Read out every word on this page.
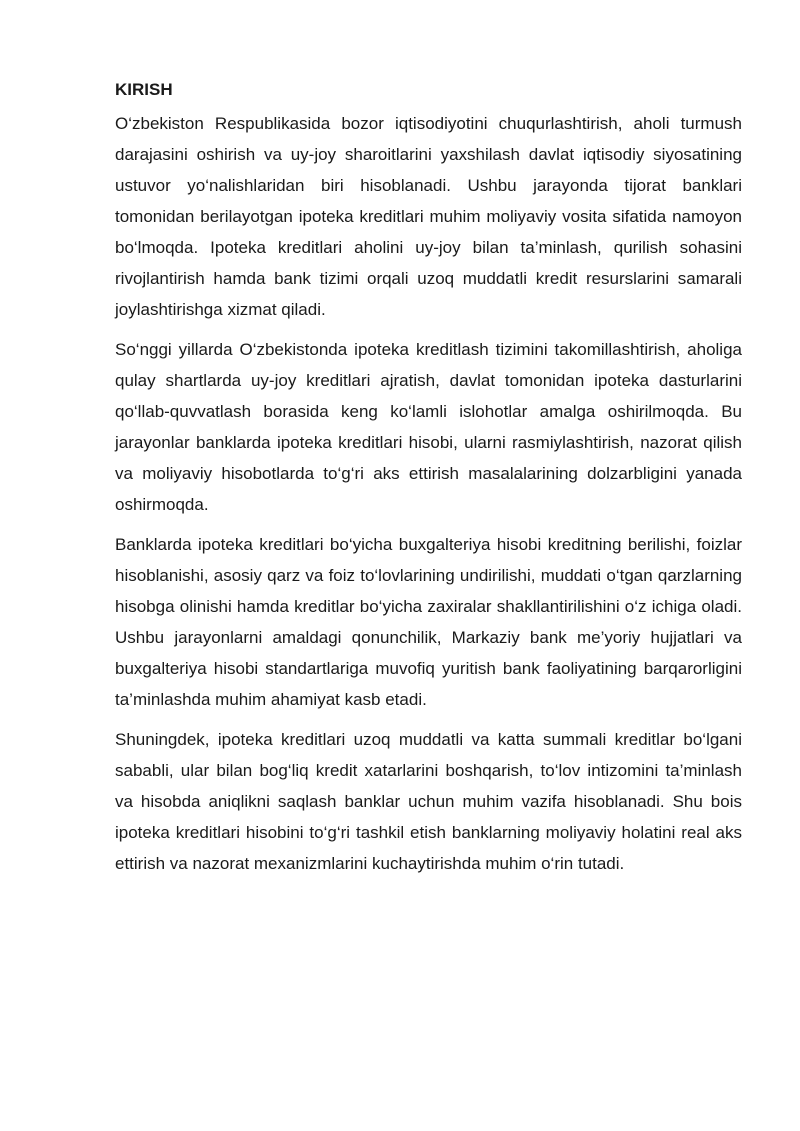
KIRISH

O‘zbekiston Respublikasida bozor iqtisodiyotini chuqurlashtirish, aholi turmush darajasini oshirish va uy-joy sharoitlarini yaxshilash davlat iqtisodiy siyosatining ustuvor yo‘nalishlaridan biri hisoblanadi. Ushbu jarayonda tijorat banklari tomonidan berilayotgan ipoteka kreditlari muhim moliyaviy vosita sifatida namoyon bo‘lmoqda. Ipoteka kreditlari aholini uy-joy bilan ta’minlash, qurilish sohasini rivojlantirish hamda bank tizimi orqali uzoq muddatli kredit resurslarini samarali joylashtirishga xizmat qiladi.

So‘nggi yillarda O‘zbekistonda ipoteka kreditlash tizimini takomillashtirish, aholiga qulay shartlarda uy-joy kreditlari ajratish, davlat tomonidan ipoteka dasturlarini qo‘llab-quvvatlash borasida keng ko‘lamli islohotlar amalga oshirilmoqda. Bu jarayonlar banklarda ipoteka kreditlari hisobi, ularni rasmiylashtirish, nazorat qilish va moliyaviy hisobotlarda to‘g‘ri aks ettirish masalalarining dolzarbligini yanada oshirmoqda.

Banklarda ipoteka kreditlari bo‘yicha buxgalteriya hisobi kreditning berilishi, foizlar hisoblanishi, asosiy qarz va foiz to‘lovlarining undirilishi, muddati o‘tgan qarzlarning hisobga olinishi hamda kreditlar bo‘yicha zaxiralar shakllantirilishini o‘z ichiga oladi. Ushbu jarayonlarni amaldagi qonunchilik, Markaziy bank me’yoriy hujjatlari va buxgalteriya hisobi standartlariga muvofiq yuritish bank faoliyatining barqarorligini ta’minlashda muhim ahamiyat kasb etadi.

Shuningdek, ipoteka kreditlari uzoq muddatli va katta summali kreditlar bo‘lgani sababli, ular bilan bog‘liq kredit xatarlarini boshqarish, to‘lov intizomini ta’minlash va hisobda aniqlikni saqlash banklar uchun muhim vazifa hisoblanadi. Shu bois ipoteka kreditlari hisobini to‘g‘ri tashkil etish banklarning moliyaviy holatini real aks ettirish va nazorat mexanizmlarini kuchaytirishda muhim o‘rin tutadi.
